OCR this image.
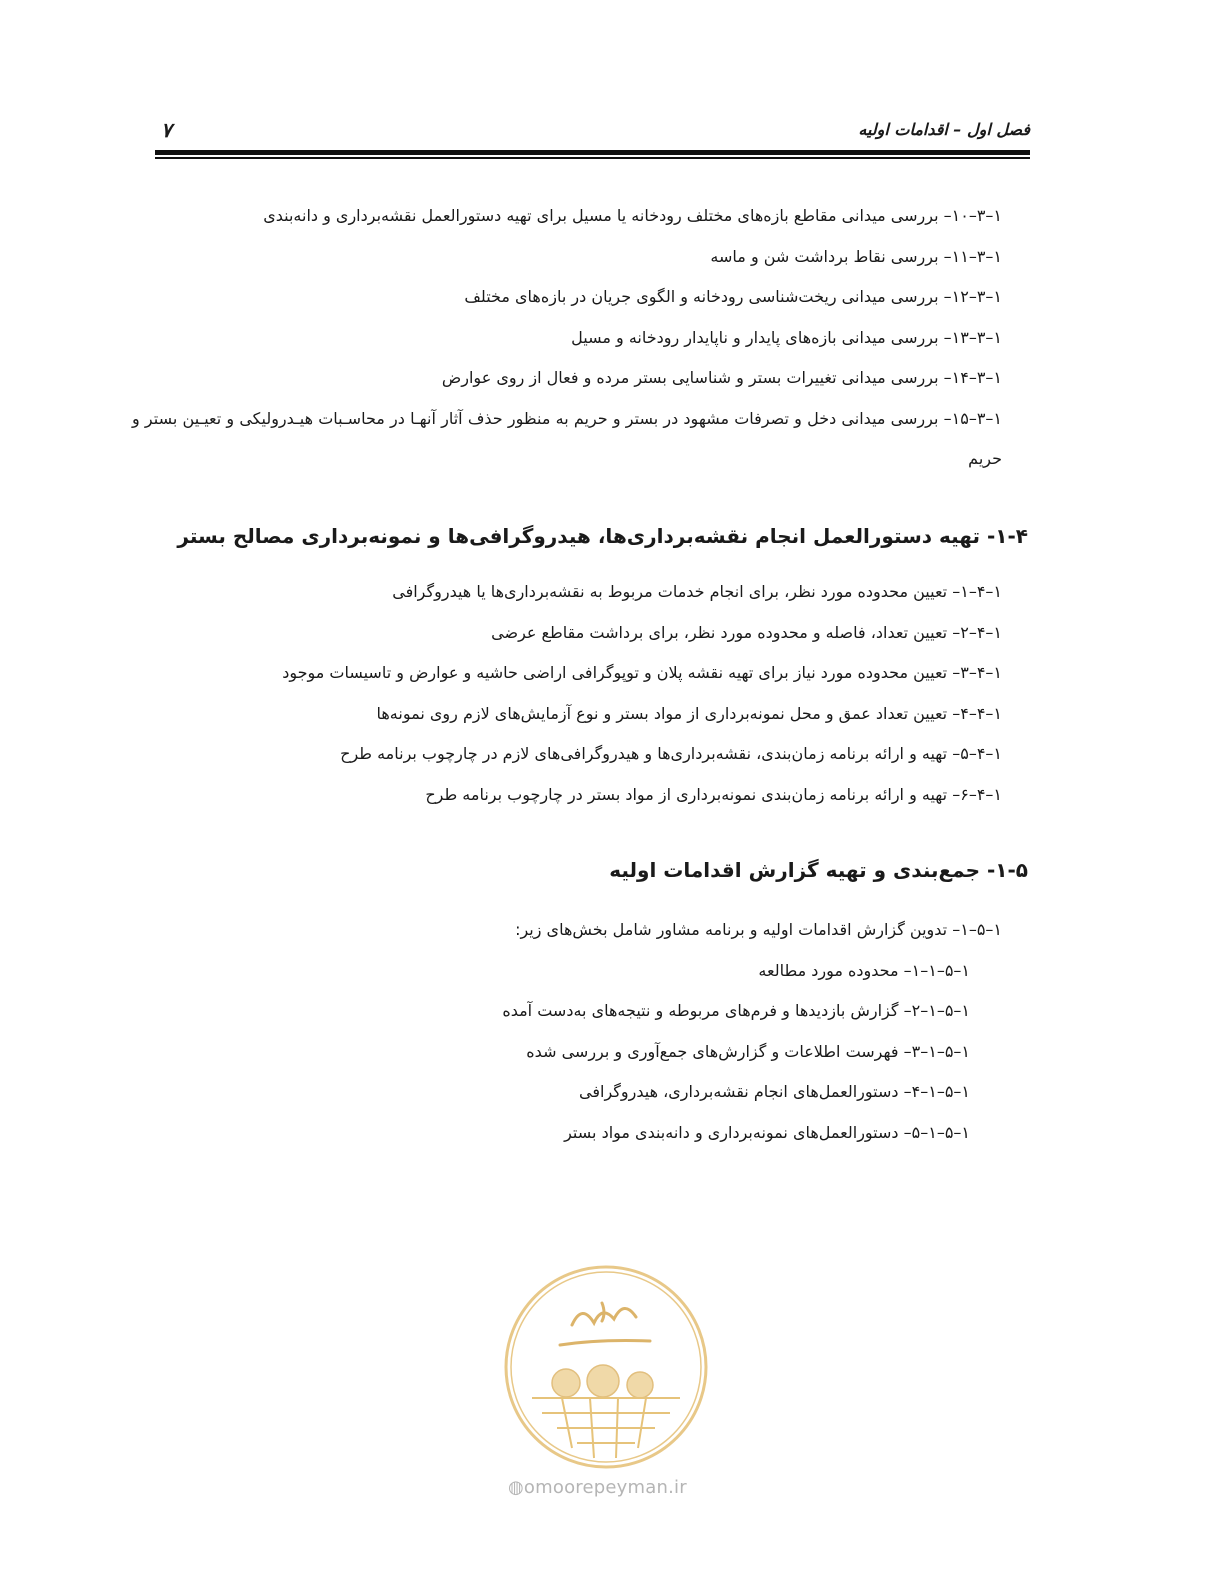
فصل اول – اقدامات اولیه
۷
۱–۳–۱۰– بررسی میدانی مقاطع بازه‌های مختلف رودخانه یا مسیل برای تهیه دستورالعمل نقشه‌برداری و دانه‌بندی
۱–۳–۱۱– بررسی نقاط برداشت شن و ماسه
۱–۳–۱۲– بررسی میدانی ریخت‌شناسی رودخانه و الگوی جریان در بازه‌های مختلف
۱–۳–۱۳– بررسی میدانی بازه‌های پایدار و ناپایدار رودخانه و مسیل
۱–۳–۱۴– بررسی میدانی تغییرات بستر و شناسایی بستر مرده و فعال از روی عوارض
۱–۳–۱۵– بررسی میدانی دخل و تصرفات مشهود در بستر و حریم به منظور حذف آثار آنهـا در محاسـبات هیـدرولیکی و تعیـین بستر و حریم
۱-۴- تهیه دستورالعمل انجام نقشه‌برداری‌ها، هیدروگرافی‌ها و نمونه‌برداری مصالح بستر
۱–۴–۱– تعیین محدوده مورد نظر، برای انجام خدمات مربوط به نقشه‌برداری‌ها یا هیدروگرافی
۱–۴–۲– تعیین تعداد، فاصله و محدوده مورد نظر، برای برداشت مقاطع عرضی
۱–۴–۳– تعیین محدوده مورد نیاز برای تهیه نقشه پلان و توپوگرافی اراضی حاشیه و عوارض و تاسیسات موجود
۱–۴–۴– تعیین تعداد عمق و محل نمونه‌برداری از مواد بستر و نوع آزمایش‌های لازم روی نمونه‌ها
۱–۴–۵– تهیه و ارائه برنامه زمان‌بندی، نقشه‌برداری‌ها و هیدروگرافی‌های لازم در چارچوب برنامه طرح
۱–۴–۶– تهیه و ارائه برنامه زمان‌بندی نمونه‌برداری از مواد بستر در چارچوب برنامه طرح
۱-۵- جمع‌بندی و تهیه گزارش اقدامات اولیه
۱–۵–۱– تدوین گزارش اقدامات اولیه و برنامه مشاور شامل بخش‌های زیر:
۱–۵–۱–۱– محدوده مورد مطالعه
۱–۵–۱–۲– گزارش بازدیدها و فرم‌های مربوطه و نتیجه‌های به‌دست آمده
۱–۵–۱–۳– فهرست اطلاعات و گزارش‌های جمع‌آوری و بررسی شده
۱–۵–۱–۴– دستورالعمل‌های انجام نقشه‌برداری، هیدروگرافی
۱–۵–۱–۵– دستورالعمل‌های نمونه‌برداری و دانه‌بندی مواد بستر
امور پیمان
◍omoorepeyman.ir
